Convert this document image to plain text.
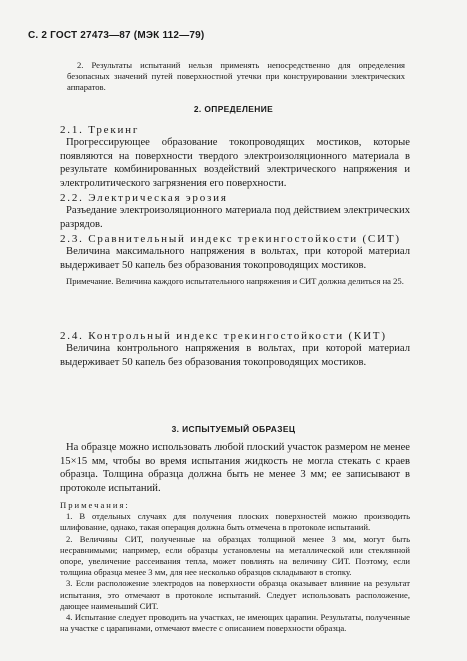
С. 2 ГОСТ 27473—87 (МЭК 112—79)

2. Результаты испытаний нельзя применять непосредственно для определения безопасных значений путей поверхностной утечки при конструировании электрических аппаратов.

2. ОПРЕДЕЛЕНИЕ
2.1. Трекинг

Прогрессирующее образование токопроводящих мостиков, которые появляются на поверхности твердого электроизоляционного материала в результате комбинированных воздействий электрического напряжения и электролитического загрязнения его поверхности.

2.2. Электрическая эрозия

Разъедание электроизоляционного материала под действием электрических разрядов.

2.3. Сравнительный индекс трекингостойкости (СИТ)

Величина максимального напряжения в вольтах, при которой материал выдерживает 50 капель без образования токопроводящих мостиков.

Примечание. Величина каждого испытательного напряжения и СИТ должна делиться на 25.

2.4. Контрольный индекс трекингостойкости (КИТ)

Величина контрольного напряжения в вольтах, при которой материал выдерживает 50 капель без образования токопроводящих мостиков.

3. ИСПЫТУЕМЫЙ ОБРАЗЕЦ

На образце можно использовать любой плоский участок размером не менее 15×15 мм, чтобы во время испытания жидкость не могла стекать с краев образца. Толщина образца должна быть не менее 3 мм; ее записывают в протоколе испытаний.

Примечания:

1. В отдельных случаях для получения плоских поверхностей можно производить шлифование, однако, такая операция должна быть отмечена в протоколе испытаний.

2. Величины СИТ, полученные на образцах толщиной менее 3 мм, могут быть несравнимыми; например, если образцы установлены на металлической или стеклянной опоре, увеличение рассеивания тепла, может повлиять на величину СИТ. Поэтому, если толщина образца менее 3 мм, для нее несколько образцов складывают в стопку.

3. Если расположение электродов на поверхности образца оказывает влияние на результат испытания, это отмечают в протоколе испытаний. Следует использовать расположение, дающее наименьший СИТ.

4. Испытание следует проводить на участках, не имеющих царапин. Результаты, полученные на участке с царапинами, отмечают вместе с описанием поверхности образца.
